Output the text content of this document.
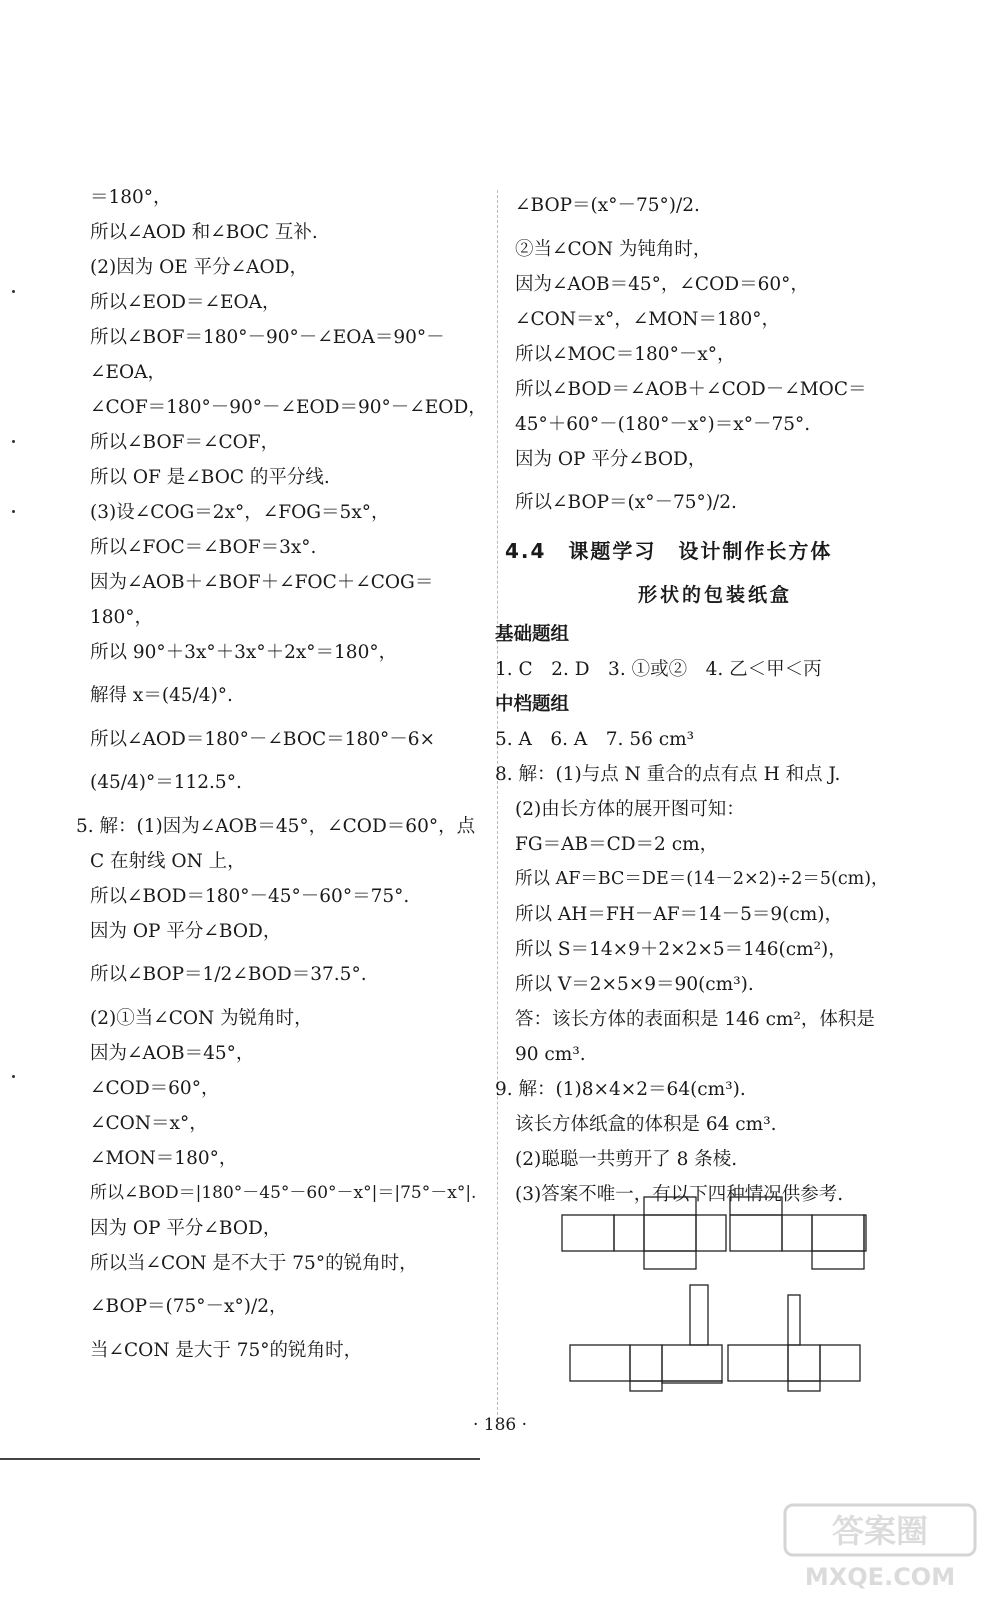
＝180°，
所以∠AOD 和∠BOC 互补.
(2)因为 OE 平分∠AOD，
所以∠EOD＝∠EOA，
所以∠BOF＝180°－90°－∠EOA＝90°－
∠EOA，
∠COF＝180°－90°－∠EOD＝90°－∠EOD，
所以∠BOF＝∠COF，
所以 OF 是∠BOC 的平分线.
(3)设∠COG＝2x°，∠FOG＝5x°，
所以∠FOC＝∠BOF＝3x°.
因为∠AOB＋∠BOF＋∠FOC＋∠COG＝
180°，
所以 90°＋3x°＋3x°＋2x°＝180°，
解得 x＝(45/4)°.
所以∠AOD＝180°－∠BOC＝180°－6×
(45/4)°＝112.5°.
5. 解：(1)因为∠AOB＝45°，∠COD＝60°，点
C 在射线 ON 上，
所以∠BOD＝180°－45°－60°＝75°.
因为 OP 平分∠BOD，
所以∠BOP＝1/2∠BOD＝37.5°.
(2)①当∠CON 为锐角时，
因为∠AOB＝45°，
∠COD＝60°，
∠CON＝x°，
∠MON＝180°，
所以∠BOD＝|180°－45°－60°－x°|＝|75°－x°|.
因为 OP 平分∠BOD，
所以当∠CON 是不大于 75°的锐角时，
∠BOP＝(75°－x°)/2，
当∠CON 是大于 75°的锐角时，
∠BOP＝(x°－75°)/2.
②当∠CON 为钝角时，
因为∠AOB＝45°，∠COD＝60°，
∠CON＝x°，∠MON＝180°，
所以∠MOC＝180°－x°，
所以∠BOD＝∠AOB＋∠COD－∠MOC＝
45°＋60°－(180°－x°)＝x°－75°.
因为 OP 平分∠BOD，
所以∠BOP＝(x°－75°)/2.
4.4　课题学习　设计制作长方体
形状的包装纸盒
基础题组
1. C　2. D　3. ①或②　4. 乙＜甲＜丙
中档题组
5. A　6. A　7. 56 cm³
8. 解：(1)与点 N 重合的点有点 H 和点 J.
(2)由长方体的展开图可知：
FG＝AB＝CD＝2 cm，
所以 AF＝BC＝DE＝(14－2×2)÷2＝5(cm)，
所以 AH＝FH－AF＝14－5＝9(cm)，
所以 S＝14×9＋2×2×5＝146(cm²)，
所以 V＝2×5×9＝90(cm³).
答：该长方体的表面积是 146 cm²，体积是
90 cm³.
9. 解：(1)8×4×2＝64(cm³).
该长方体纸盒的体积是 64 cm³.
(2)聪聪一共剪开了 8 条棱.
(3)答案不唯一，有以下四种情况供参考.
· 186 ·
答案圈
MXQE.COM
